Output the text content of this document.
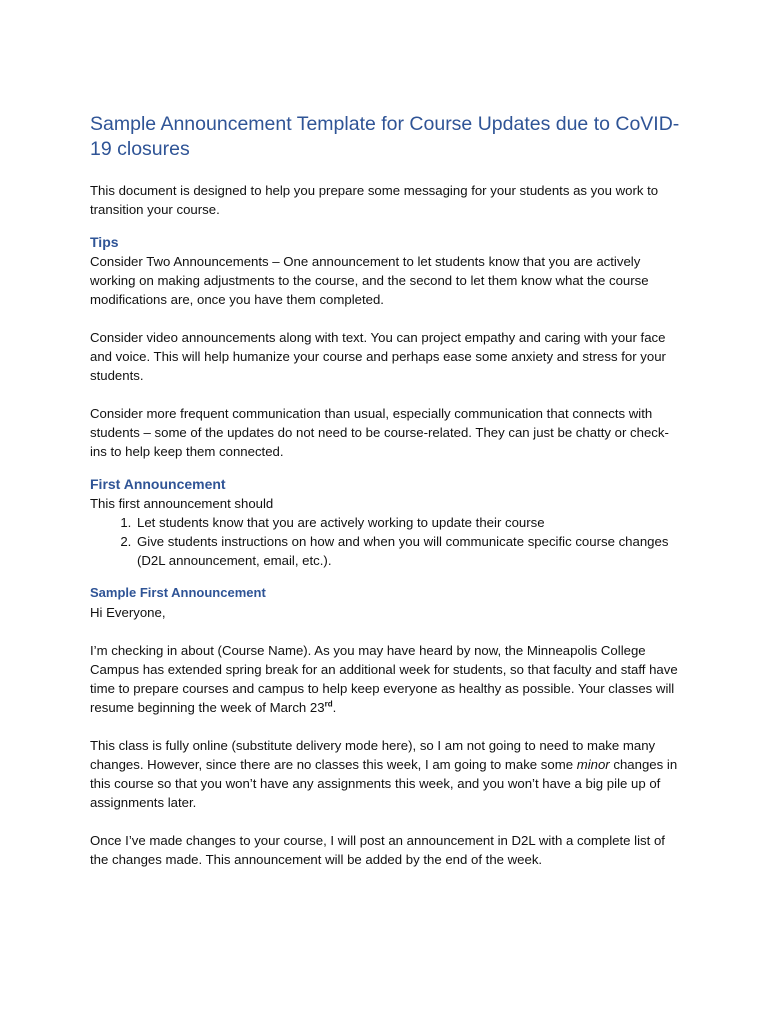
Sample Announcement Template for Course Updates due to CoVID-19 closures

This document is designed to help you prepare some messaging for your students as you work to transition your course.

Tips

Consider Two Announcements – One announcement to let students know that you are actively working on making adjustments to the course, and the second to let them know what the course modifications are, once you have them completed.

Consider video announcements along with text. You can project empathy and caring with your face and voice. This will help humanize your course and perhaps ease some anxiety and stress for your students.

Consider more frequent communication than usual, especially communication that connects with students – some of the updates do not need to be course-related. They can just be chatty or check-ins to help keep them connected.

First Announcement

This first announcement should

1. Let students know that you are actively working to update their course
2. Give students instructions on how and when you will communicate specific course changes (D2L announcement, email, etc.).
Sample First Announcement

Hi Everyone,

I’m checking in about (Course Name). As you may have heard by now, the Minneapolis College Campus has extended spring break for an additional week for students, so that faculty and staff have time to prepare courses and campus to help keep everyone as healthy as possible. Your classes will resume beginning the week of March 23rd.

This class is fully online (substitute delivery mode here), so I am not going to need to make many changes. However, since there are no classes this week, I am going to make some minor changes in this course so that you won’t have any assignments this week, and you won’t have a big pile up of assignments later.

Once I’ve made changes to your course, I will post an announcement in D2L with a complete list of the changes made. This announcement will be added by the end of the week.
